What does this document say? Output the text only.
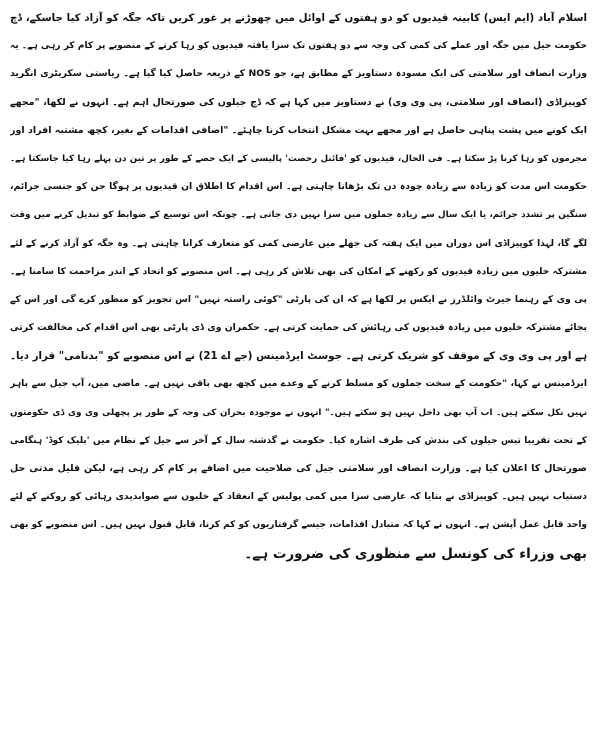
اسلام آباد (ایم ایس) کابینہ قیدیوں کو دو ہفتوں کے اوائل میں چھوڑنے پر غور کریں تاکہ جگہ کو آزاد کیا جاسکے، ڈچ
حکومت جیل میں جگہ اور عملے کی کمی کی وجہ سے دو ہفتوں تک سزا یافتہ قیدیوں کو رہا کرنے کے منصوبے پر کام کر رہی ہے۔ یہ
وزارت انصاف اور سلامتی کی ایک مسودہ دستاویز کے مطابق ہے، جو NOS کے ذریعہ حاصل کیا گیا ہے۔ ریاستی سکریٹری انگرید
کوپیزاڈی (انصاف اور سلامتی، پی وی وی) نے دستاویز میں کہا ہے کہ ڈچ جیلوں کی صورتحال اہم ہے۔ انہوں نے لکھا، "مجھے
ایک کونے میں پشت پناہی حاصل ہے اور مجھے بہت مشکل انتخاب کرنا چاہئے۔ "اضافی اقدامات کے بغیر، کچھ مشتبہ افراد اور
مجرموں کو رہا کرنا پڑ سکتا ہے۔ فی الحال، قیدیوں کو 'فائنل رخصت' پالیسی کے ایک حصے کے طور پر تین دن پہلے رہا کیا جاسکتا ہے۔
حکومت اس مدت کو زیادہ سے زیادہ چودہ دن تک بڑھانا چاہتی ہے۔ اس اقدام کا اطلاق ان قیدیوں پر ہوگا جن کو جنسی جرائم،
سنگین پر تشدد جرائم، یا ایک سال سے زیادہ جملوں میں سزا نہیں دی جاتی ہے۔ چونکہ اس توسیع کے ضوابط کو تبدیل کرنے میں وقت
لگے گا، لہذا کوپیزاڈی اس دوران میں ایک ہفتہ کی جھلے میں عارضی کمی کو متعارف کرانا چاہتی ہے۔ وہ جگہ کو آزاد کرنے کے لئے
مشترکہ خلیوں میں زیادہ قیدیوں کو رکھنے کے امکان کی بھی تلاش کر رہی ہے۔ اس منصوبے کو اتحاد کے اندر مزاحمت کا سامنا ہے۔
پی وی کے رہنما جیرٹ وائلڈرز نے ایکس پر لکھا ہے کہ ان کی پارٹی "کوئی راستہ نہیں" اس تجویز کو منظور کرے گی اور اس کے
بجائے مشترکہ خلیوں میں زیادہ قیدیوں کی رہائش کی حمایت کرتی ہے۔ حکمران وی ڈی پارٹی بھی اس اقدام کی مخالفت کرتی
ہے اور پی وی وی کے موقف کو شریک کرتی ہے۔ جوسٹ ایرڈمینس (جے اے 21) نے اس منصوبے کو "بدنامی" قرار دیا۔
ایرڈمینس نے کہا، "حکومت کے سخت جملوں کو مسلط کرنے کے وعدے میں کچھ بھی باقی نہیں ہے۔ ماضی میں، آپ جیل سے باہر
نہیں نکل سکتے ہیں۔ اب آپ بھی داخل نہیں ہو سکتے ہیں۔" انہوں نے موجودہ بحران کی وجہ کے طور پر پچھلی وی وی ڈی حکومتوں
کے تحت تقریبا تیس جیلوں کی بندش کی طرف اشارہ کیا۔ حکومت نے گذشتہ سال کے آخر سے جیل کے نظام میں 'بلیک کوڈ' ہنگامی
صورتحال کا اعلان کیا ہے۔ وزارت انصاف اور سلامتی جیل کی صلاحیت میں اضافے پر کام کر رہی ہے، لیکن قلیل مدتی حل
دستیاب نہیں ہیں۔ کوپیزاڈی نے بتایا کہ عارضی سزا میں کمی پولیس کے انعقاد کے خلیوں سے صوابدیدی رہائی کو روکنے کے لئے
واحد قابل عمل آپشن ہے۔ انہوں نے کہا کہ متبادل اقدامات، جیسے گرفتاریوں کو کم کرنا، قابل قبول نہیں ہیں۔ اس منصوبے کو بھی
بھی وزراء کی کونسل سے منظوری کی ضرورت ہے۔
